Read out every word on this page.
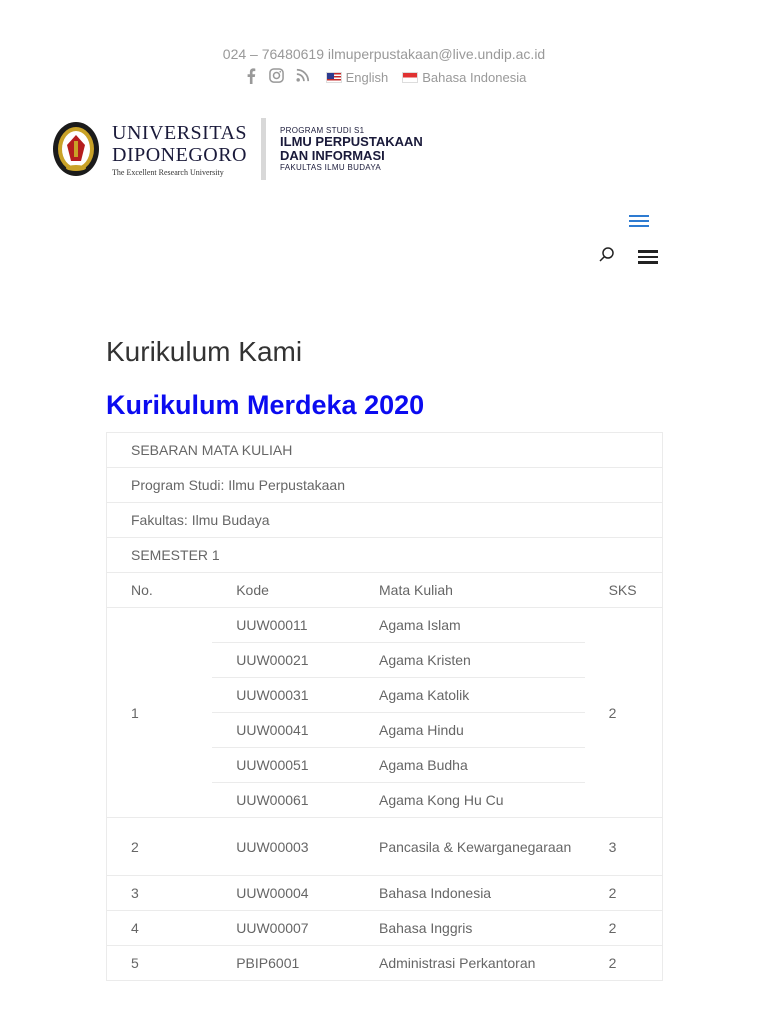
024 – 76480619 ilmuperpustakaan@live.undip.ac.id
English	Bahasa Indonesia
UNIVERSITAS
DIPONEGORO
The Excellent Research University
PROGRAM STUDI S1
ILMU PERPUSTAKAAN
DAN INFORMASI
FAKULTAS ILMU BUDAYA
Kurikulum Kami
Kurikulum Merdeka 2020
SEBARAN MATA KULIAH			
Program Studi: Ilmu Perpustakaan			
Fakultas: Ilmu Budaya			
SEMESTER 1			
No.	Kode	Mata Kuliah	SKS
1	UUW00011	Agama Islam	2
	UUW00021	Agama Kristen	
	UUW00031	Agama Katolik	
	UUW00041	Agama Hindu	
	UUW00051	Agama Budha	
	UUW00061	Agama Kong Hu Cu	
2	UUW00003	Pancasila & Kewarganegaraan	3
3	UUW00004	Bahasa Indonesia	2
4	UUW00007	Bahasa Inggris	2
5	PBIP6001	Administrasi Perkantoran	2
